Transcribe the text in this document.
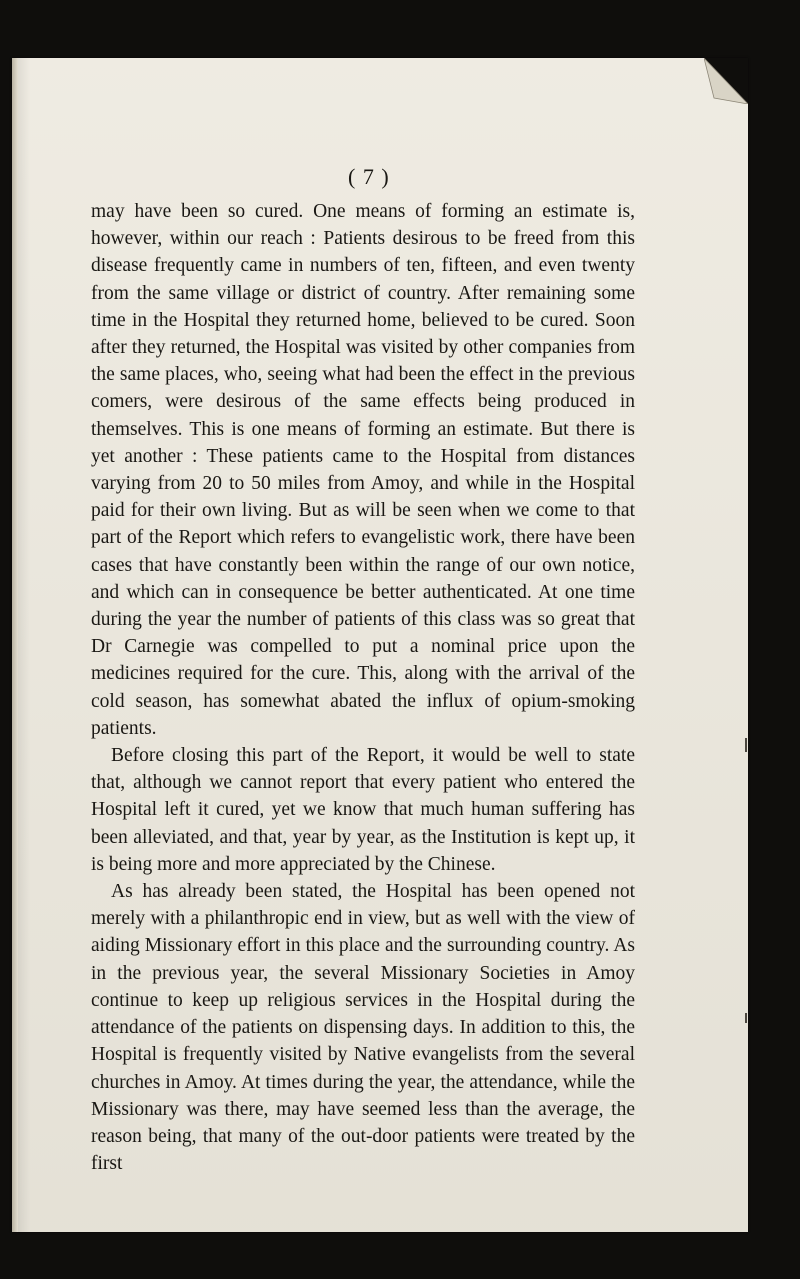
( 7 )

may have been so cured. One means of forming an estimate is, however, within our reach : Patients desirous to be freed from this disease frequently came in numbers of ten, fifteen, and even twenty from the same village or district of country. After remaining some time in the Hospital they returned home, believed to be cured. Soon after they returned, the Hospital was visited by other companies from the same places, who, seeing what had been the effect in the previous comers, were desirous of the same effects being produced in themselves. This is one means of forming an estimate. But there is yet another : These patients came to the Hospital from distances varying from 20 to 50 miles from Amoy, and while in the Hospital paid for their own living. But as will be seen when we come to that part of the Report which refers to evangelistic work, there have been cases that have constantly been within the range of our own notice, and which can in consequence be better authenticated. At one time during the year the number of patients of this class was so great that Dr Carnegie was compelled to put a nominal price upon the medicines required for the cure. This, along with the arrival of the cold season, has somewhat abated the influx of opium-smoking patients.

Before closing this part of the Report, it would be well to state that, although we cannot report that every patient who entered the Hospital left it cured, yet we know that much human suffering has been alleviated, and that, year by year, as the Institution is kept up, it is being more and more appreciated by the Chinese.

As has already been stated, the Hospital has been opened not merely with a philanthropic end in view, but as well with the view of aiding Missionary effort in this place and the surrounding country. As in the previous year, the several Missionary Societies in Amoy continue to keep up religious services in the Hospital during the attendance of the patients on dispensing days. In addition to this, the Hospital is frequently visited by Native evangelists from the several churches in Amoy. At times during the year, the attendance, while the Missionary was there, may have seemed less than the average, the reason being, that many of the out-door patients were treated by the first
